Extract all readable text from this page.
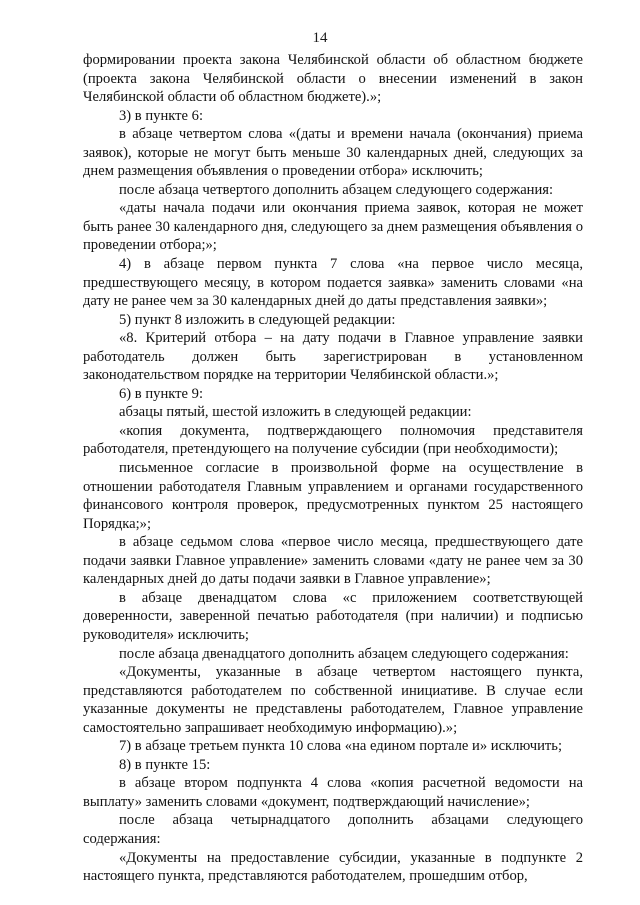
14

формировании проекта закона Челябинской области об областном бюджете (проекта закона Челябинской области о внесении изменений в закон Челябинской области об областном бюджете).»;

3) в пункте 6:

в абзаце четвертом слова «(даты и времени начала (окончания) приема заявок), которые не могут быть меньше 30 календарных дней, следующих за днем размещения объявления о проведении отбора» исключить;

после абзаца четвертого дополнить абзацем следующего содержания:

«даты начала подачи или окончания приема заявок, которая не может быть ранее 30 календарного дня, следующего за днем размещения объявления о проведении отбора;»;

4) в абзаце первом пункта 7 слова «на первое число месяца, предшествующего месяцу, в котором подается заявка» заменить словами «на дату не ранее чем за 30 календарных дней до даты представления заявки»;

5) пункт 8 изложить в следующей редакции:

«8. Критерий отбора – на дату подачи в Главное управление заявки работодатель должен быть зарегистрирован в установленном законодательством порядке на территории Челябинской области.»;

6) в пункте 9:

абзацы пятый, шестой изложить в следующей редакции:

«копия документа, подтверждающего полномочия представителя работодателя, претендующего на получение субсидии (при необходимости);

письменное согласие в произвольной форме на осуществление в отношении работодателя Главным управлением и органами государственного финансового контроля проверок, предусмотренных пунктом 25 настоящего Порядка;»;

в абзаце седьмом слова «первое число месяца, предшествующего дате подачи заявки Главное управление» заменить словами «дату не ранее чем за 30 календарных дней до даты подачи заявки в Главное управление»;

в абзаце двенадцатом слова «с приложением соответствующей доверенности, заверенной печатью работодателя (при наличии) и подписью руководителя» исключить;

после абзаца двенадцатого дополнить абзацем следующего содержания:

«Документы, указанные в абзаце четвертом настоящего пункта, представляются работодателем по собственной инициативе. В случае если указанные документы не представлены работодателем, Главное управление самостоятельно запрашивает необходимую информацию).»;

7) в абзаце третьем пункта 10 слова «на едином портале и» исключить;

8) в пункте 15:

в абзаце втором подпункта 4 слова «копия расчетной ведомости на выплату» заменить словами «документ, подтверждающий начисление»;

после абзаца четырнадцатого дополнить абзацами следующего содержания:

«Документы на предоставление субсидии, указанные в подпункте 2 настоящего пункта, представляются работодателем, прошедшим отбор,
